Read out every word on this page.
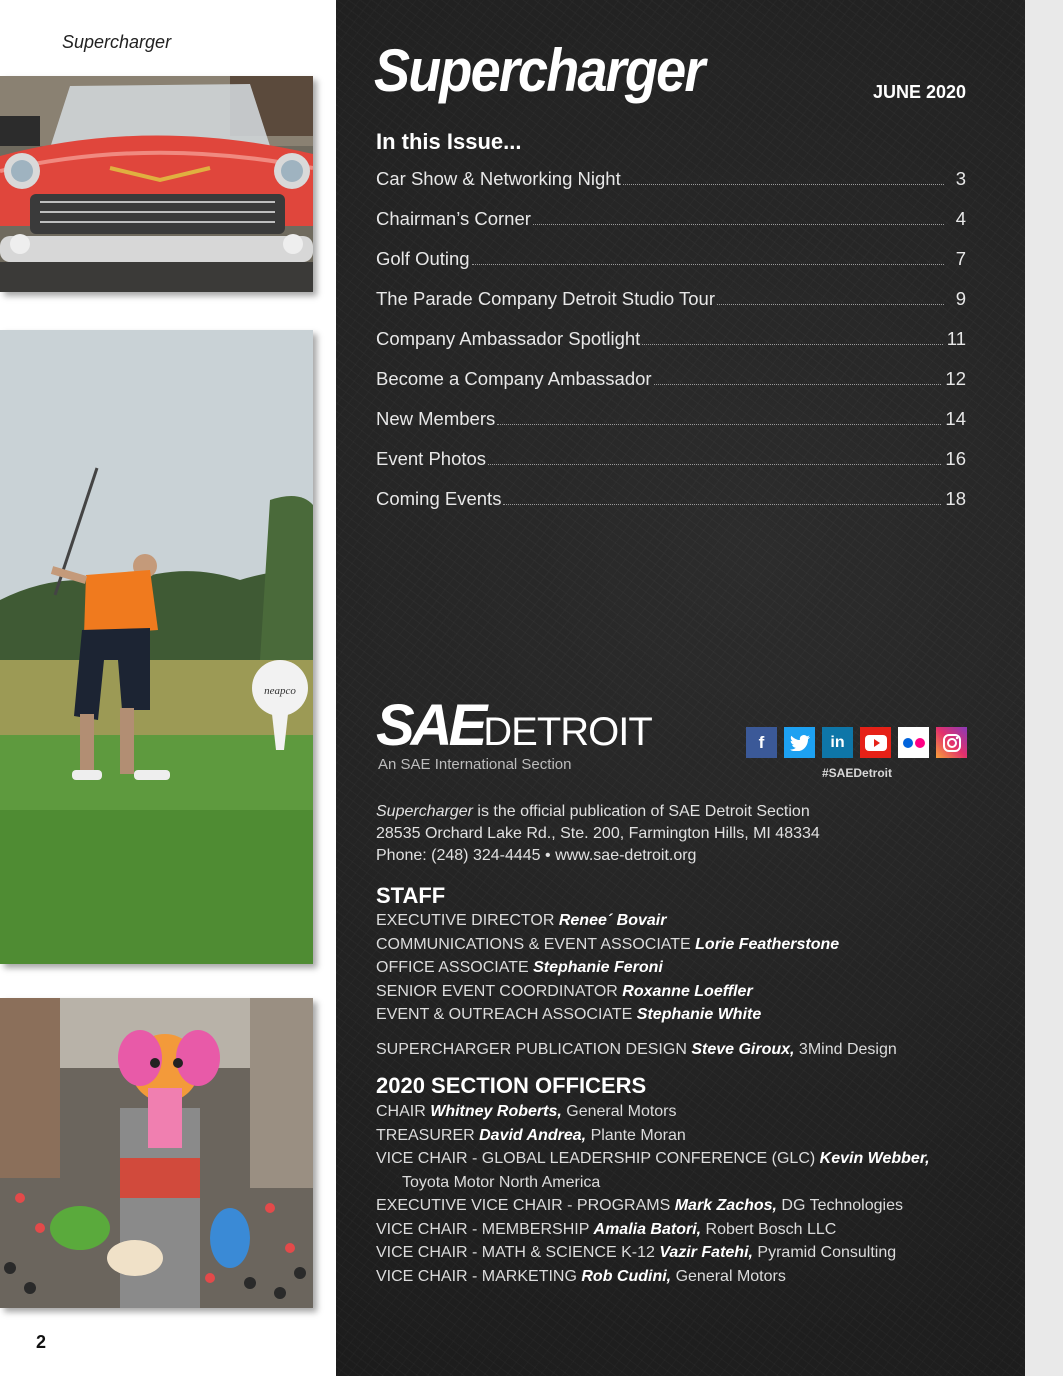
Supercharger
neapco
2
Supercharger	JUNE 2020
In this Issue...
Car Show & Networking Night	3
Chairman’s Corner	4
Golf Outing	7
The Parade Company Detroit Studio Tour	9
Company Ambassador Spotlight	11
Become a Company Ambassador	12
New Members	14
Event Photos	16
Coming Events	18
SAEDETROIT
An SAE International Section
f	in
#SAEDetroit
Supercharger is the official publication of SAE Detroit Section
28535 Orchard Lake Rd., Ste. 200, Farmington Hills, MI 48334
Phone: (248) 324-4445 • www.sae-detroit.org
STAFF
EXECUTIVE DIRECTOR Renee´ Bovair
COMMUNICATIONS & EVENT ASSOCIATE Lorie Featherstone
OFFICE ASSOCIATE Stephanie Feroni
SENIOR EVENT COORDINATOR Roxanne Loeffler
EVENT & OUTREACH ASSOCIATE Stephanie White
SUPERCHARGER PUBLICATION DESIGN Steve Giroux, 3Mind Design
2020 SECTION OFFICERS
CHAIR Whitney Roberts, General Motors
TREASURER David Andrea, Plante Moran
VICE CHAIR - GLOBAL LEADERSHIP CONFERENCE (GLC) Kevin Webber,
Toyota Motor North America
EXECUTIVE VICE CHAIR - PROGRAMS Mark Zachos, DG Technologies
VICE CHAIR - MEMBERSHIP Amalia Batori, Robert Bosch LLC
VICE CHAIR - MATH & SCIENCE K-12 Vazir Fatehi, Pyramid Consulting
VICE CHAIR - MARKETING Rob Cudini, General Motors
